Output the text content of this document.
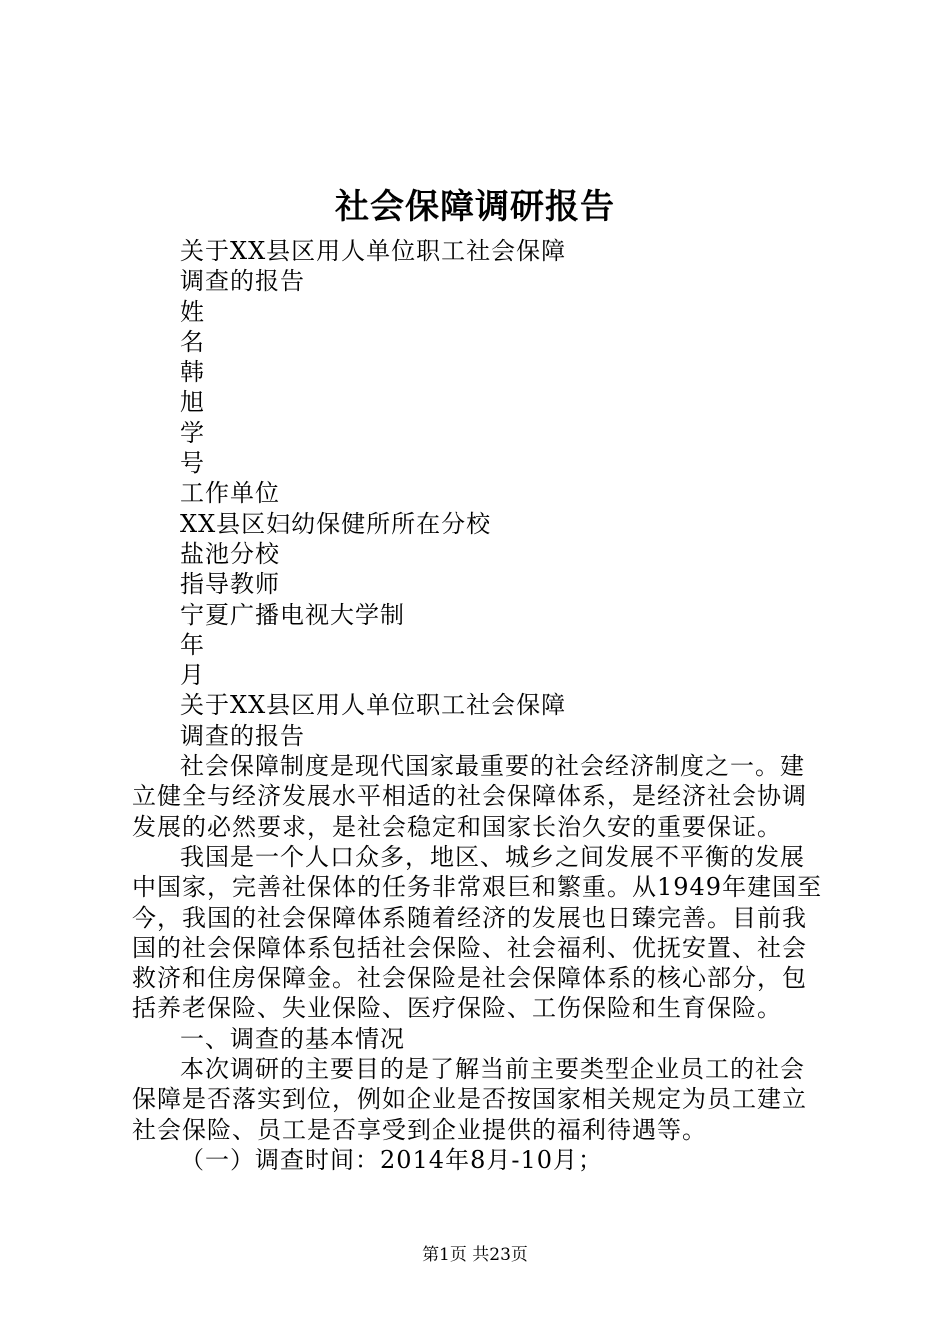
社会保障调研报告
关于XX县区用人单位职工社会保障
调查的报告
姓
名
韩
旭
学
号
工作单位
XX县区妇幼保健所所在分校
盐池分校
指导教师
宁夏广播电视大学制
年
月
关于XX县区用人单位职工社会保障
调查的报告
社会保障制度是现代国家最重要的社会经济制度之一。建
立健全与经济发展水平相适的社会保障体系，是经济社会协调
发展的必然要求，是社会稳定和国家长治久安的重要保证。
我国是一个人口众多，地区、城乡之间发展不平衡的发展
中国家，完善社保体的任务非常艰巨和繁重。从1949年建国至
今，我国的社会保障体系随着经济的发展也日臻完善。目前我
国的社会保障体系包括社会保险、社会福利、优抚安置、社会
救济和住房保障金。社会保险是社会保障体系的核心部分，包
括养老保险、失业保险、医疗保险、工伤保险和生育保险。
一、调查的基本情况
本次调研的主要目的是了解当前主要类型企业员工的社会
保障是否落实到位，例如企业是否按国家相关规定为员工建立
社会保险、员工是否享受到企业提供的福利待遇等。
（一）调查时间：2014年8月-10月；
第1页 共23页
